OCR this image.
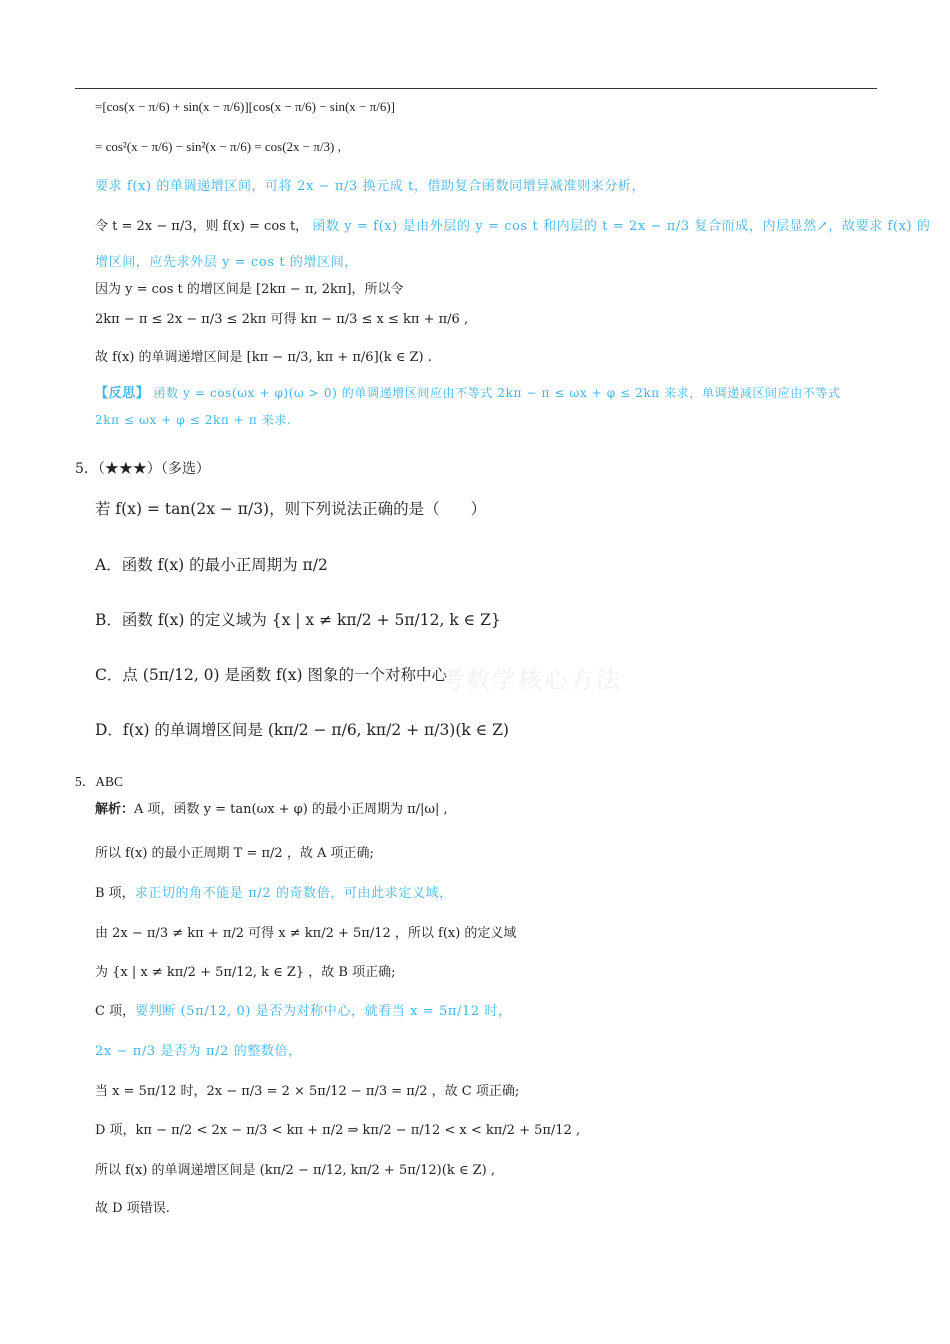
=[cos(x − π/6) + sin(x − π/6)][cos(x − π/6) − sin(x − π/6)]
= cos²(x − π/6) − sin²(x − π/6) = cos(2x − π/3) ,
要求 f(x) 的单调递增区间，可将 2x − π/3 换元成 t，借助复合函数同增异减准则来分析，
令 t = 2x − π/3，则 f(x) = cos t， 函数 y = f(x) 是由外层的 y = cos t 和内层的 t = 2x − π/3 复合而成，内层显然↗，故要求 f(x) 的
增区间，应先求外层 y = cos t 的增区间，
因为 y = cos t 的增区间是 [2kπ − π, 2kπ]，所以令
2kπ − π ≤ 2x − π/3 ≤ 2kπ 可得 kπ − π/3 ≤ x ≤ kπ + π/6 ,
故 f(x) 的单调递增区间是 [kπ − π/3, kπ + π/6](k ∈ Z) .
【反思】 函数 y = cos(ωx + φ)(ω > 0) 的单调递增区间应由不等式 2kπ − π ≤ ωx + φ ≤ 2kπ 来求，单调递减区间应由不等式
2kπ ≤ ωx + φ ≤ 2kπ + π 来求.
5．（★★★）（多选）
若 f(x) = tan(2x − π/3)，则下列说法正确的是（　　）
A．函数 f(x) 的最小正周期为 π/2
B．函数 f(x) 的定义域为 {x | x ≠ kπ/2 + 5π/12, k ∈ Z}
C．点 (5π/12, 0) 是函数 f(x) 图象的一个对称中心
D．f(x) 的单调增区间是 (kπ/2 − π/6, kπ/2 + π/3)(k ∈ Z)
考数学核心方法
5．ABC
解析：A 项，函数 y = tan(ωx + φ) 的最小正周期为 π/|ω| ,
所以 f(x) 的最小正周期 T = π/2 ，故 A 项正确;
B 项，求正切的角不能是 π/2 的奇数倍，可由此求定义域，
由 2x − π/3 ≠ kπ + π/2 可得 x ≠ kπ/2 + 5π/12 ，所以 f(x) 的定义域
为 {x | x ≠ kπ/2 + 5π/12, k ∈ Z} ，故 B 项正确;
C 项，要判断 (5π/12, 0) 是否为对称中心，就看当 x = 5π/12 时，
2x − π/3 是否为 π/2 的整数倍，
当 x = 5π/12 时，2x − π/3 = 2 × 5π/12 − π/3 = π/2 ，故 C 项正确;
D 项，kπ − π/2 < 2x − π/3 < kπ + π/2 ⇒ kπ/2 − π/12 < x < kπ/2 + 5π/12 ,
所以 f(x) 的单调递增区间是 (kπ/2 − π/12, kπ/2 + 5π/12)(k ∈ Z) ,
故 D 项错误.
